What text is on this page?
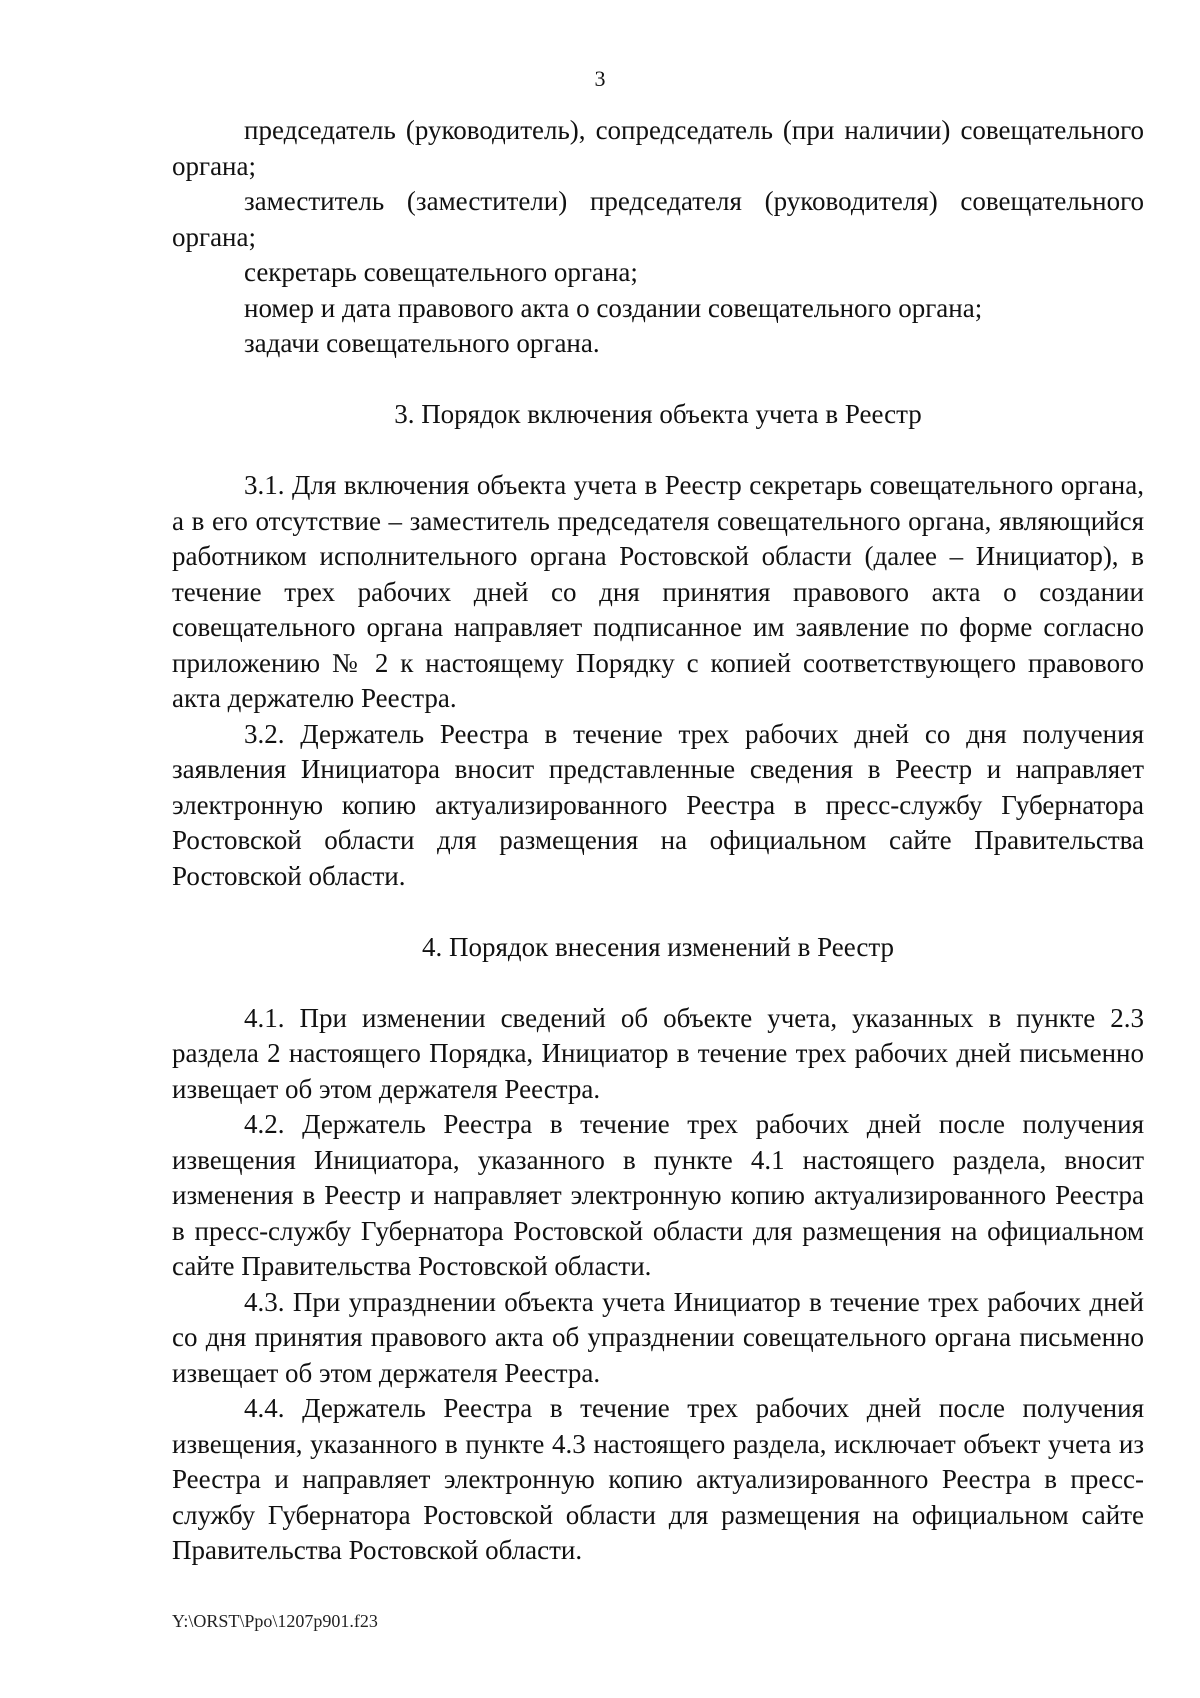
3

председатель (руководитель), сопредседатель (при наличии) совещательного органа;

заместитель (заместители) председателя (руководителя) совещательного органа;

секретарь совещательного органа;

номер и дата правового акта о создании совещательного органа;

задачи совещательного органа.

3. Порядок включения объекта учета в Реестр

3.1. Для включения объекта учета в Реестр секретарь совещательного органа, а в его отсутствие – заместитель председателя совещательного органа, являющийся работником исполнительного органа Ростовской области (далее – Инициатор), в течение трех рабочих дней со дня принятия правового акта о создании совещательного органа направляет подписанное им заявление по форме согласно приложению № 2 к настоящему Порядку с копией соответствующего правового акта держателю Реестра.

3.2. Держатель Реестра в течение трех рабочих дней со дня получения заявления Инициатора вносит представленные сведения в Реестр и направляет электронную копию актуализированного Реестра в пресс-службу Губернатора Ростовской области для размещения на официальном сайте Правительства Ростовской области.

4. Порядок внесения изменений в Реестр

4.1. При изменении сведений об объекте учета, указанных в пункте 2.3 раздела 2 настоящего Порядка, Инициатор в течение трех рабочих дней письменно извещает об этом держателя Реестра.

4.2. Держатель Реестра в течение трех рабочих дней после получения извещения Инициатора, указанного в пункте 4.1 настоящего раздела, вносит изменения в Реестр и направляет электронную копию актуализированного Реестра в пресс-службу Губернатора Ростовской области для размещения на официальном сайте Правительства Ростовской области.

4.3. При упразднении объекта учета Инициатор в течение трех рабочих дней со дня принятия правового акта об упразднении совещательного органа письменно извещает об этом держателя Реестра.

4.4. Держатель Реестра в течение трех рабочих дней после получения извещения, указанного в пункте 4.3 настоящего раздела, исключает объект учета из Реестра и направляет электронную копию актуализированного Реестра в пресс-службу Губернатора Ростовской области для размещения на официальном сайте Правительства Ростовской области.

Y:\ORST\Ppo\1207p901.f23
